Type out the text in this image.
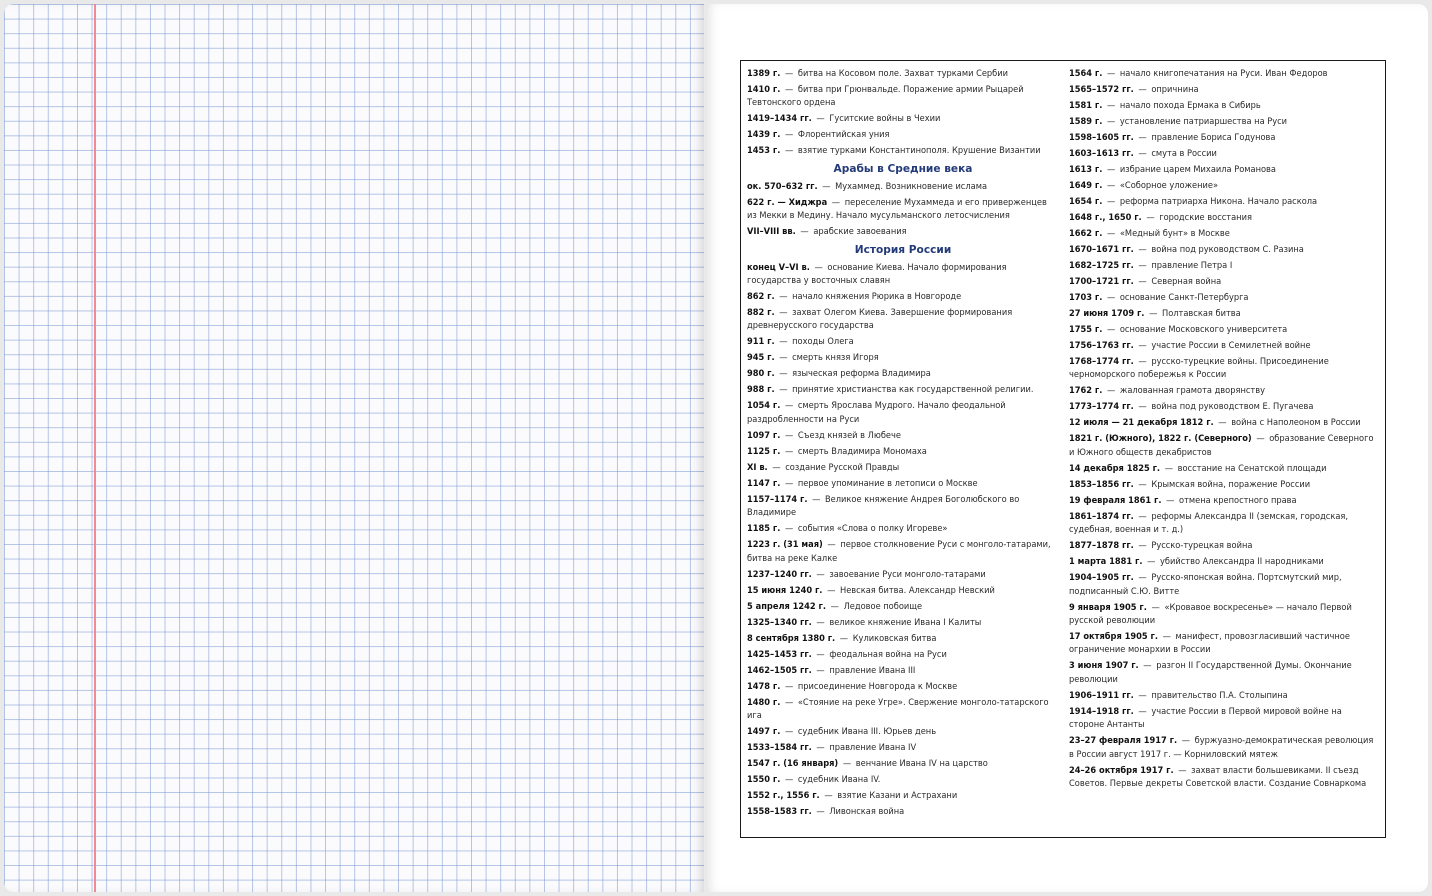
1389 г. — битва на Косовом поле. Захват турками Сербии
1410 г. — битва при Грюнвальде. Поражение армии Рыцарей Тевтонского ордена
1419–1434 гг. — Гуситские войны в Чехии
1439 г. — Флорентийская уния
1453 г. — взятие турками Константинополя. Крушение Византии
Арабы в Средние века
ок. 570–632 гг. — Мухаммед. Возникновение ислама
622 г. — Хиджра — переселение Мухаммеда и его приверженцев из Мекки в Медину. Начало мусульманского летосчисления
VII–VIII вв. — арабские завоевания
История России
конец V–VI в. — основание Киева. Начало формирования государства у восточных славян
862 г. — начало княжения Рюрика в Новгороде
882 г. — захват Олегом Киева. Завершение формирования древнерусского государства
911 г. — походы Олега
945 г. — смерть князя Игоря
980 г. — языческая реформа Владимира
988 г. — принятие христианства как государственной религии.
1054 г. — смерть Ярослава Мудрого. Начало феодальной раздробленности на Руси
1097 г. — Съезд князей в Любече
1125 г. — смерть Владимира Мономаха
XI в. — создание Русской Правды
1147 г. — первое упоминание в летописи о Москве
1157–1174 г. — Великое княжение Андрея Боголюбского во Владимире
1185 г. — события «Слова о полку Игореве»
1223 г. (31 мая) — первое столкновение Руси с монголо-татарами, битва на реке Калке
1237–1240 гг. — завоевание Руси монголо-татарами
15 июня 1240 г. — Невская битва. Александр Невский
5 апреля 1242 г. — Ледовое побоище
1325–1340 гг. — великое княжение Ивана I Калиты
8 сентября 1380 г. — Куликовская битва
1425–1453 гг. — феодальная война на Руси
1462–1505 гг. — правление Ивана III
1478 г. — присоединение Новгорода к Москве
1480 г. — «Стояние на реке Угре». Свержение монголо-татарского ига
1497 г. — судебник Ивана III. Юрьев день
1533–1584 гг. — правление Ивана IV
1547 г. (16 января) — венчание Ивана IV на царство
1550 г. — судебник Ивана IV.
1552 г., 1556 г. — взятие Казани и Астрахани
1558–1583 гг. — Ливонская война
1564 г. — начало книгопечатания на Руси. Иван Федоров
1565–1572 гг. — опричнина
1581 г. — начало похода Ермака в Сибирь
1589 г. — установление патриаршества на Руси
1598–1605 гг. — правление Бориса Годунова
1603–1613 гг. — смута в России
1613 г. — избрание царем Михаила Романова
1649 г. — «Соборное уложение»
1654 г. — реформа патриарха Никона. Начало раскола
1648 г., 1650 г. — городские восстания
1662 г. — «Медный бунт» в Москве
1670–1671 гг. — война под руководством С. Разина
1682–1725 гг. — правление Петра I
1700–1721 гг. — Северная война
1703 г. — основание Санкт-Петербурга
27 июня 1709 г. — Полтавская битва
1755 г. — основание Московского университета
1756–1763 гг. — участие России в Семилетней войне
1768–1774 гг. — русско-турецкие войны. Присоединение черноморского побережья к России
1762 г. — жалованная грамота дворянству
1773–1774 гг. — война под руководством Е. Пугачева
12 июля — 21 декабря 1812 г. — война с Наполеоном в России
1821 г. (Южного), 1822 г. (Северного) — образование Северного и Южного обществ декабристов
14 декабря 1825 г. — восстание на Сенатской площади
1853–1856 гг. — Крымская война, поражение России
19 февраля 1861 г. — отмена крепостного права
1861–1874 гг. — реформы Александра II (земская, городская, судебная, военная и т. д.)
1877–1878 гг. — Русско-турецкая война
1 марта 1881 г. — убийство Александра II народниками
1904–1905 гг. — Русско-японская война. Портсмутский мир, подписанный С.Ю. Витте
9 января 1905 г. — «Кровавое воскресенье» — начало Первой русской революции
17 октября 1905 г. — манифест, провозгласивший частичное ограничение монархии в России
3 июня 1907 г. — разгон II Государственной Думы. Окончание революции
1906–1911 гг. — правительство П.А. Столыпина
1914–1918 гг. — участие России в Первой мировой войне на стороне Антанты
23–27 февраля 1917 г. — буржуазно-демократическая революция в России август 1917 г. — Корниловский мятеж
24–26 октября 1917 г. — захват власти большевиками. II съезд Советов. Первые декреты Советской власти. Создание Совнаркома
